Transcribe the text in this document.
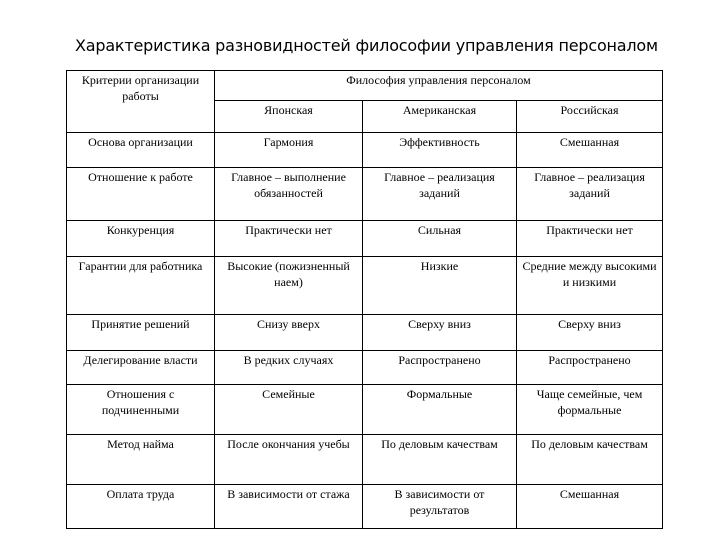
Характеристика разновидностей философии управления персоналом
Критерии организации работы	Философия управления персоналом		
	Японская	Американская	Российская
Основа организации	Гармония	Эффективность	Смешанная
Отношение к работе	Главное – выполнение обязанностей	Главное – реализация заданий	Главное – реализация заданий
Конкуренция	Практически нет	Сильная	Практически нет
Гарантии для работника	Высокие (пожизненный наем)	Низкие	Средние между высокими и низкими
Принятие решений	Снизу вверх	Сверху вниз	Сверху вниз
Делегирование власти	В редких случаях	Распространено	Распространено
Отношения с подчиненными	Семейные	Формальные	Чаще семейные, чем формальные
Метод найма	После окончания учебы	По деловым качествам	По деловым качествам
Оплата труда	В зависимости от стажа	В зависимости от результатов	Смешанная
